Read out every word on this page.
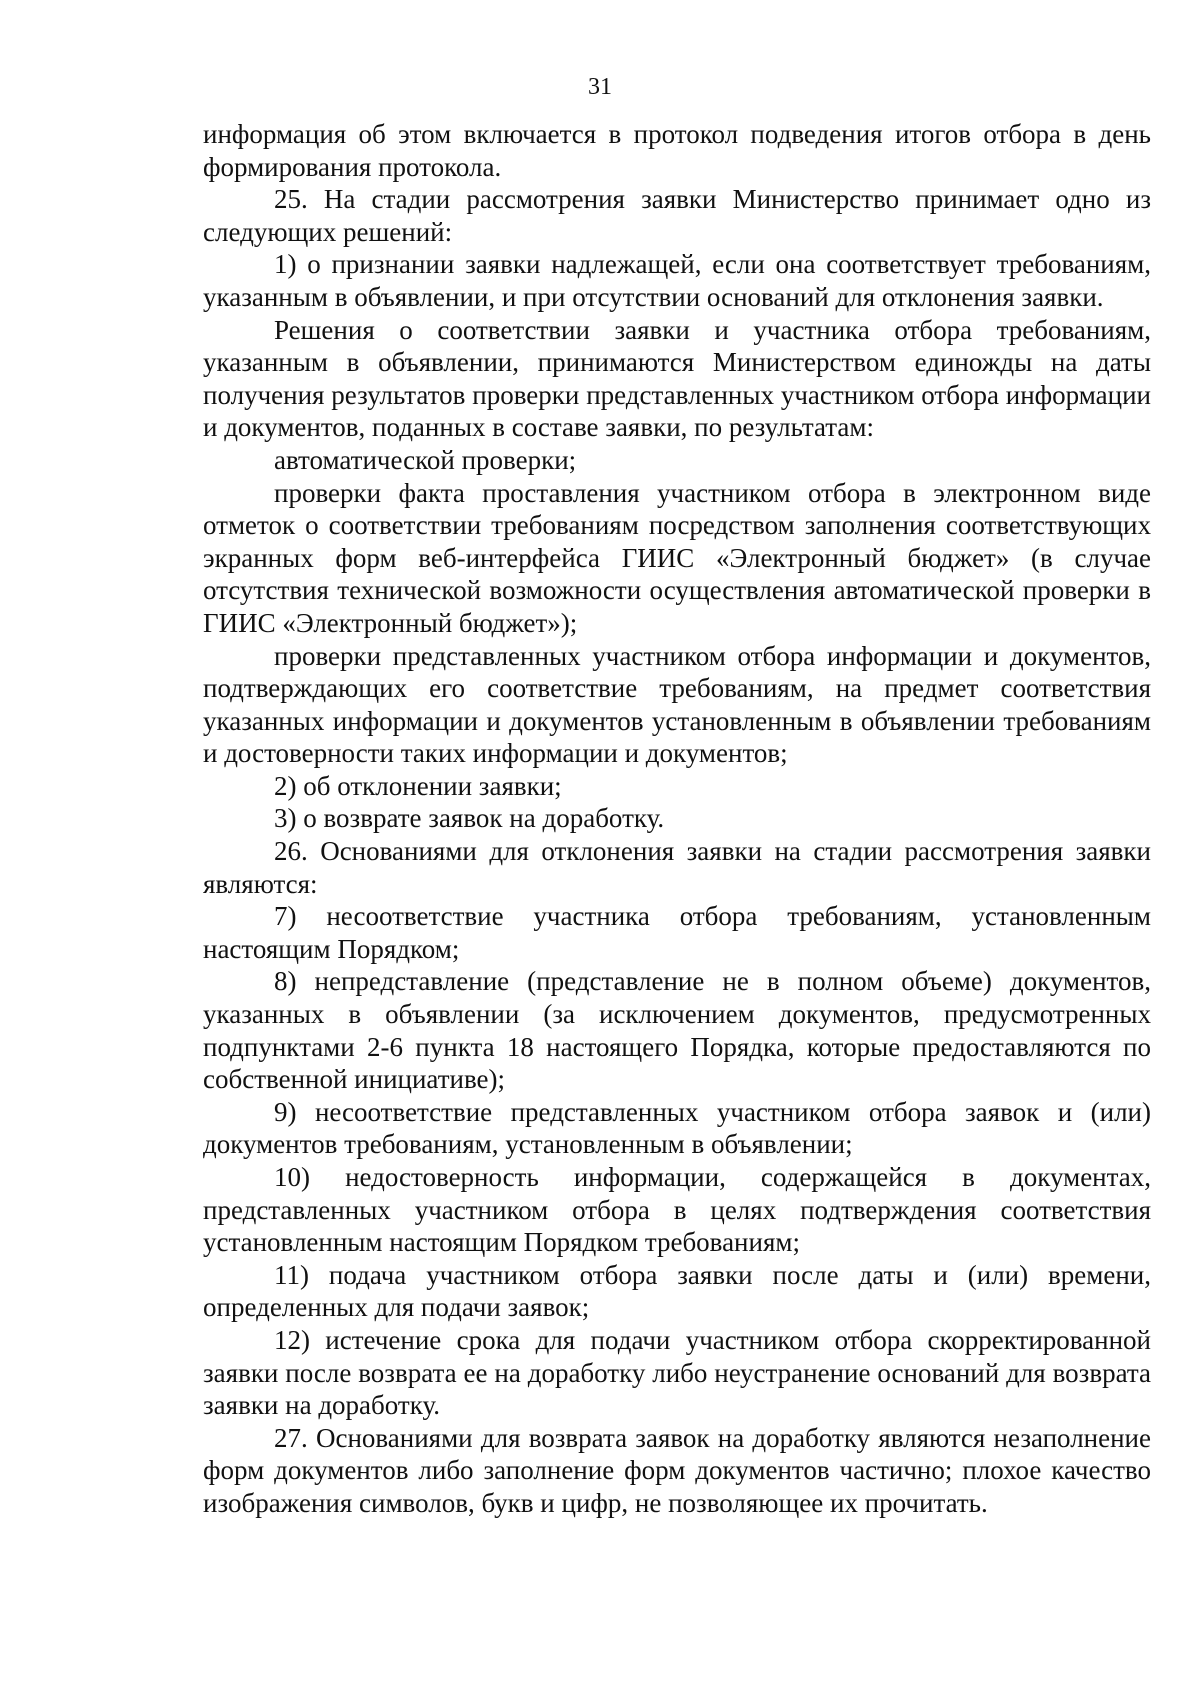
31

информация об этом включается в протокол подведения итогов отбора в день формирования протокола.

25. На стадии рассмотрения заявки Министерство принимает одно из следующих решений:

1) о признании заявки надлежащей, если она соответствует требованиям, указанным в объявлении, и при отсутствии оснований для отклонения заявки.

Решения о соответствии заявки и участника отбора требованиям, указанным в объявлении, принимаются Министерством единожды на даты получения результатов проверки представленных участником отбора информации и документов, поданных в составе заявки, по результатам:

автоматической проверки;

проверки факта проставления участником отбора в электронном виде отметок о соответствии требованиям посредством заполнения соответствующих экранных форм веб-интерфейса ГИИС «Электронный бюджет» (в случае отсутствия технической возможности осуществления автоматической проверки в ГИИС «Электронный бюджет»);

проверки представленных участником отбора информации и документов, подтверждающих его соответствие требованиям, на предмет соответствия указанных информации и документов установленным в объявлении требованиям и достоверности таких информации и документов;

2) об отклонении заявки;

3) о возврате заявок на доработку.

26. Основаниями для отклонения заявки на стадии рассмотрения заявки являются:

7) несоответствие участника отбора требованиям, установленным настоящим Порядком;

8) непредставление (представление не в полном объеме) документов, указанных в объявлении (за исключением документов, предусмотренных подпунктами 2-6 пункта 18 настоящего Порядка, которые предоставляются по собственной инициативе);

9) несоответствие представленных участником отбора заявок и (или) документов требованиям, установленным в объявлении;

10) недостоверность информации, содержащейся в документах, представленных участником отбора в целях подтверждения соответствия установленным настоящим Порядком требованиям;

11) подача участником отбора заявки после даты и (или) времени, определенных для подачи заявок;

12) истечение срока для подачи участником отбора скорректированной заявки после возврата ее на доработку либо неустранение оснований для возврата заявки на доработку.

27. Основаниями для возврата заявок на доработку являются незаполнение форм документов либо заполнение форм документов частично; плохое качество изображения символов, букв и цифр, не позволяющее их прочитать.
